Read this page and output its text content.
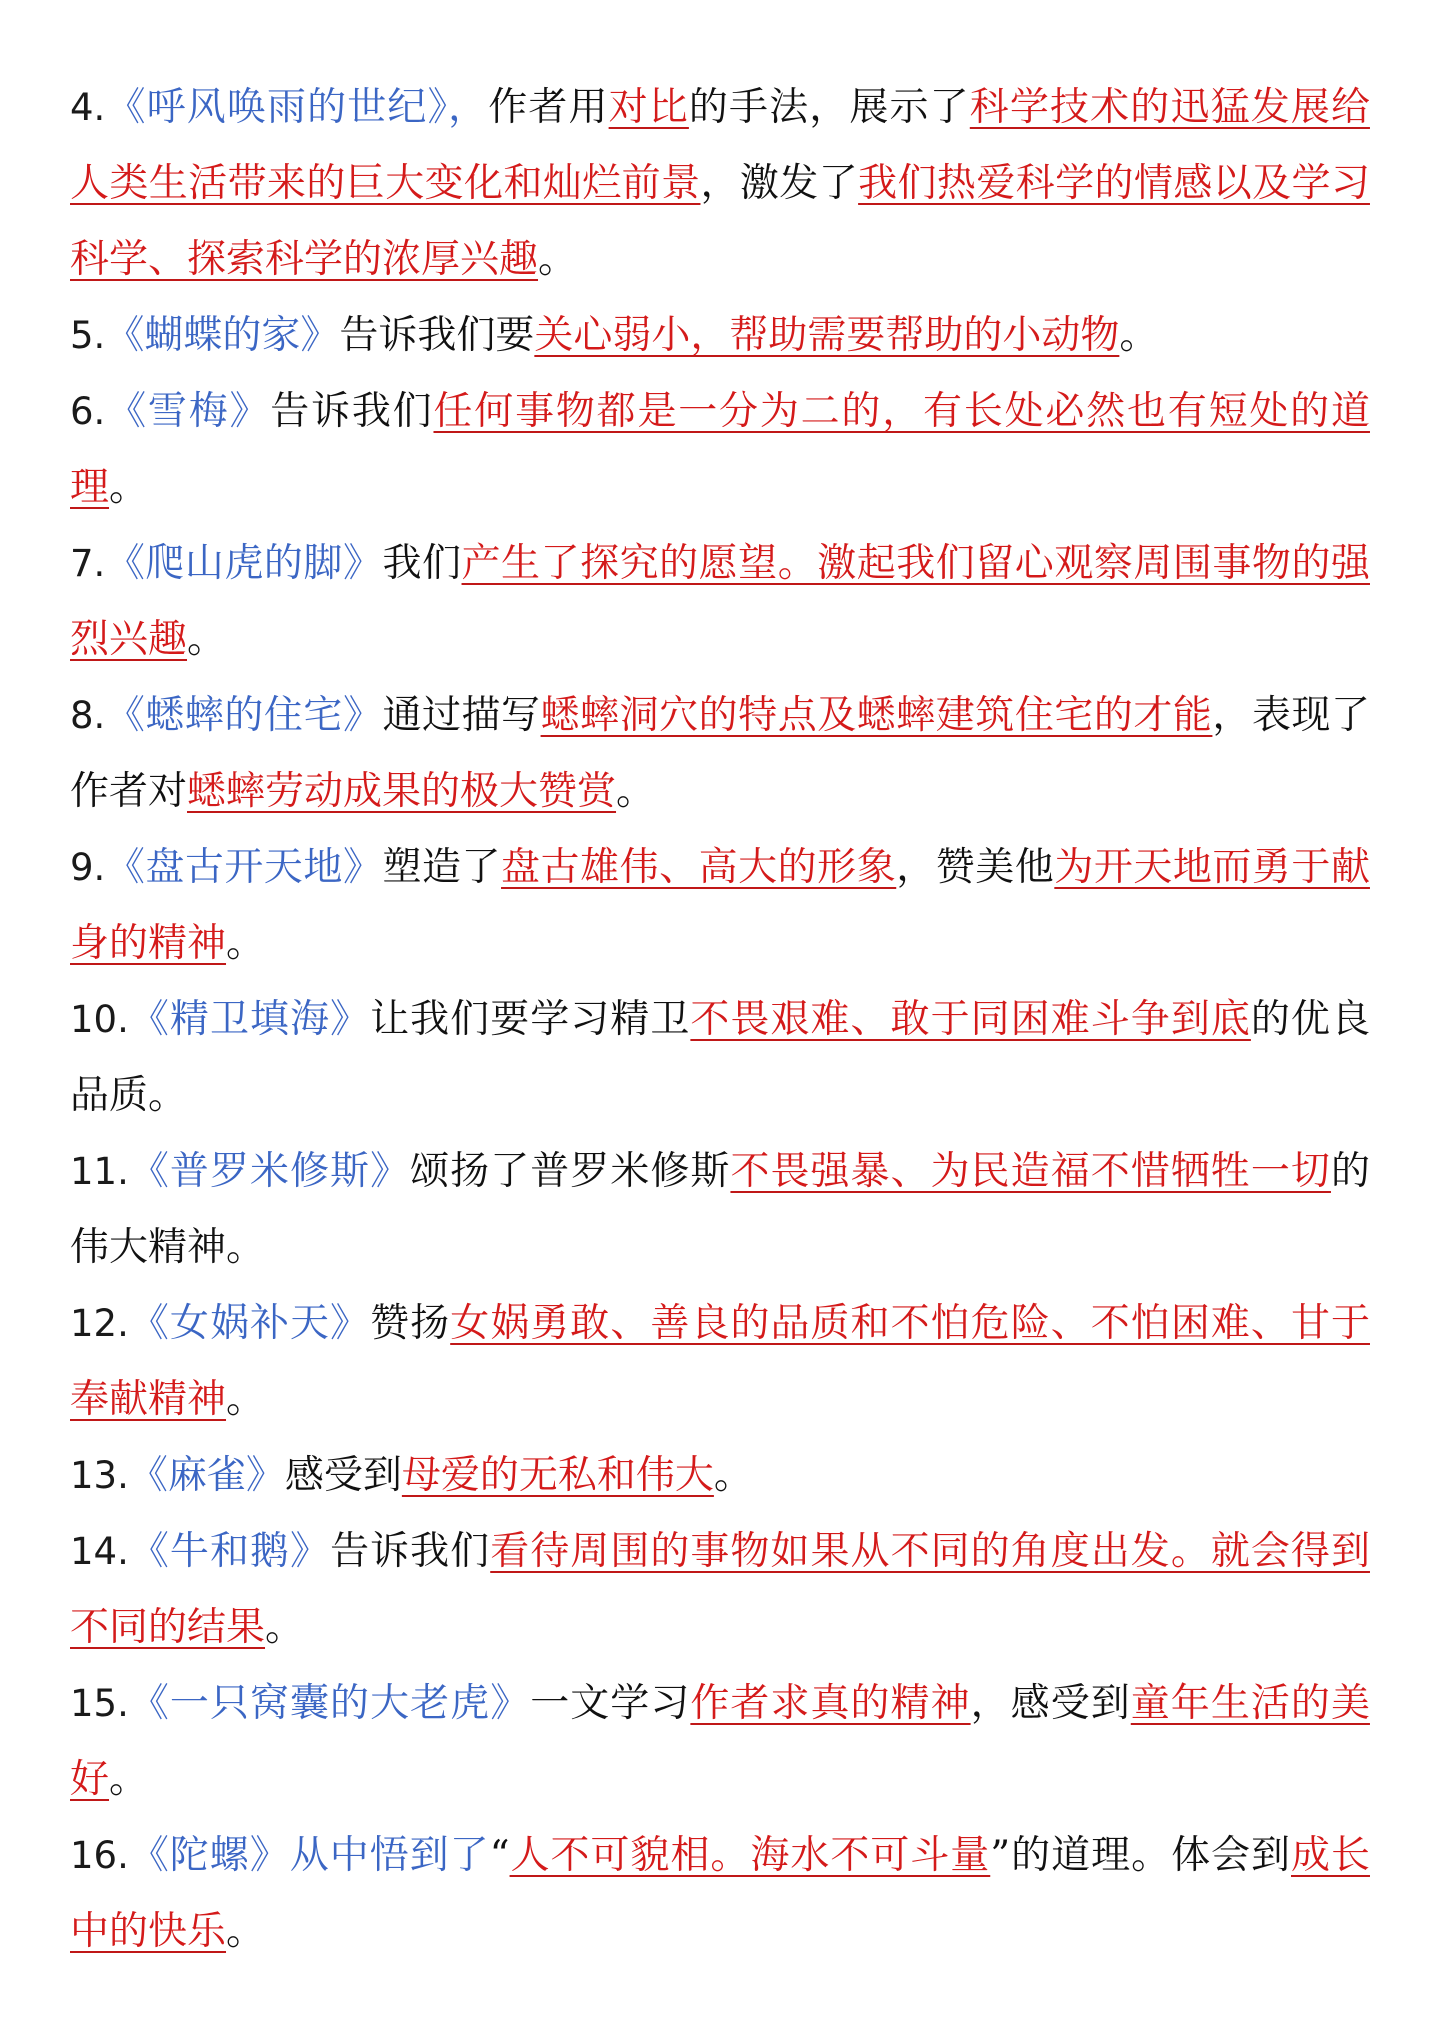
4.《呼风唤雨的世纪》，作者用对比的手法，展示了科学技术的迅猛发展给人类生活带来的巨大变化和灿烂前景，激发了我们热爱科学的情感以及学习科学、探索科学的浓厚兴趣。

5.《蝴蝶的家》告诉我们要关心弱小，帮助需要帮助的小动物。

6.《雪梅》告诉我们任何事物都是一分为二的，有长处必然也有短处的道理。

7.《爬山虎的脚》我们产生了探究的愿望。激起我们留心观察周围事物的强烈兴趣。

8.《蟋蟀的住宅》通过描写蟋蟀洞穴的特点及蟋蟀建筑住宅的才能，表现了作者对蟋蟀劳动成果的极大赞赏。

9.《盘古开天地》塑造了盘古雄伟、高大的形象，赞美他为开天地而勇于献身的精神。

10.《精卫填海》让我们要学习精卫不畏艰难、敢于同困难斗争到底的优良品质。

11.《普罗米修斯》颂扬了普罗米修斯不畏强暴、为民造福不惜牺牲一切的伟大精神。

12.《女娲补天》赞扬女娲勇敢、善良的品质和不怕危险、不怕困难、甘于奉献精神。

13.《麻雀》感受到母爱的无私和伟大。

14.《牛和鹅》告诉我们看待周围的事物如果从不同的角度出发。就会得到不同的结果。

15.《一只窝囊的大老虎》一文学习作者求真的精神，感受到童年生活的美好。

16.《陀螺》从中悟到了“人不可貌相。海水不可斗量”的道理。体会到成长中的快乐。
